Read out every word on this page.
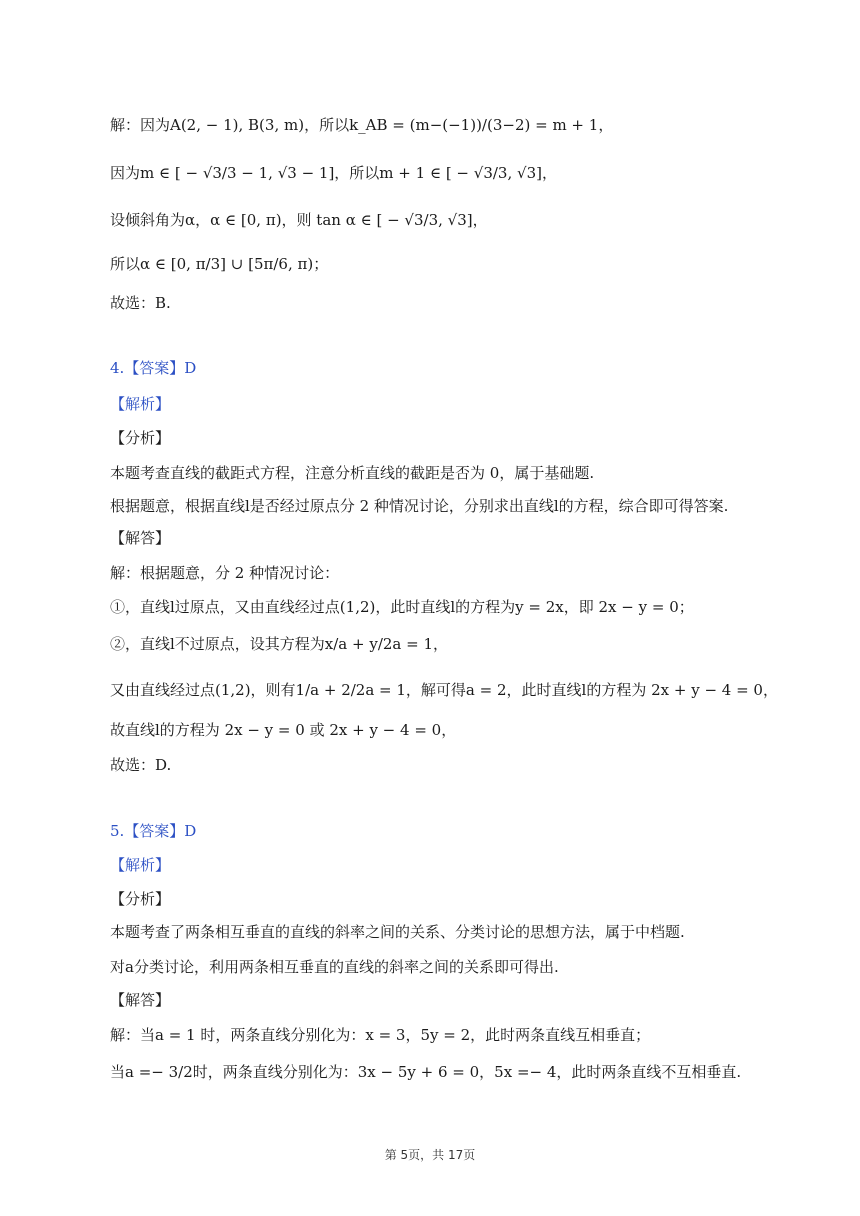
解：因为A(2, − 1), B(3, m)，所以k_AB = (m−(−1))/(3−2) = m + 1，
因为m ∈ [ − √3/3 − 1, √3 − 1]，所以m + 1 ∈ [ − √3/3, √3]，
设倾斜角为α，α ∈ [0, π)，则 tan α ∈ [ − √3/3, √3]，
所以α ∈ [0, π/3] ∪ [5π/6, π)；
故选：B.
4.【答案】D
【解析】
【分析】
本题考查直线的截距式方程，注意分析直线的截距是否为 0，属于基础题.
根据题意，根据直线l是否经过原点分 2 种情况讨论，分别求出直线l的方程，综合即可得答案.
【解答】
解：根据题意，分 2 种情况讨论：
①，直线l过原点，又由直线经过点(1,2)，此时直线l的方程为y = 2x，即 2x − y = 0；
②，直线l不过原点，设其方程为x/a + y/2a = 1，
又由直线经过点(1,2)，则有1/a + 2/2a = 1，解可得a = 2，此时直线l的方程为 2x + y − 4 = 0，
故直线l的方程为 2x − y = 0 或 2x + y − 4 = 0，
故选：D.
5.【答案】D
【解析】
【分析】
本题考查了两条相互垂直的直线的斜率之间的关系、分类讨论的思想方法，属于中档题.
对a分类讨论，利用两条相互垂直的直线的斜率之间的关系即可得出.
【解答】
解：当a = 1 时，两条直线分别化为：x = 3，5y = 2，此时两条直线互相垂直；
当a =− 3/2时，两条直线分别化为：3x − 5y + 6 = 0，5x =− 4，此时两条直线不互相垂直.
第 5页，共 17页
